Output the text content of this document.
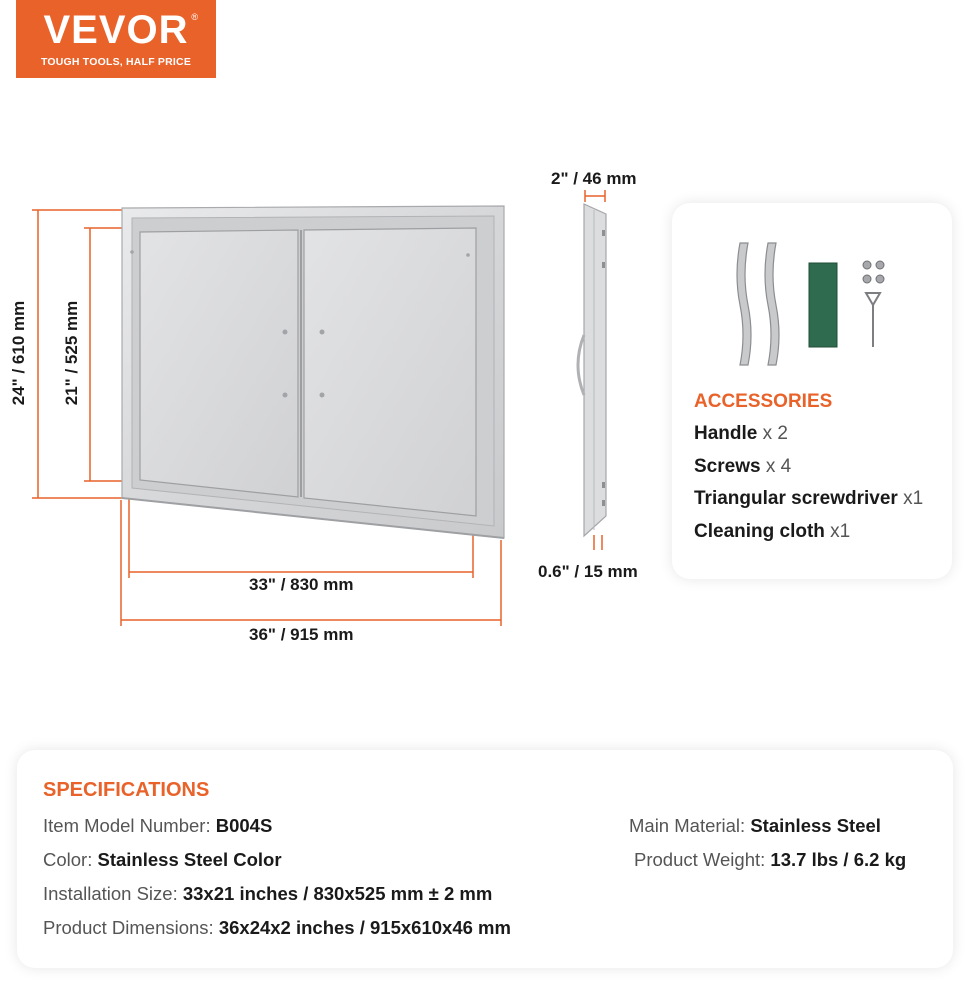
VEVOR ®
TOUGH TOOLS, HALF PRICE
24" / 610 mm 21" / 525 mm
33" / 830 mm
36" / 915 mm
2" / 46 mm
0.6" / 15 mm
ACCESSORIES
Handle x 2
Screws x 4
Triangular screwdriver x1
Cleaning cloth x1
SPECIFICATIONS
Item Model Number: B004S
Color: Stainless Steel Color
Installation Size: 33x21 inches / 830x525 mm ± 2 mm
Product Dimensions: 36x24x2 inches / 915x610x46 mm
Main Material: Stainless Steel
Product Weight: 13.7 lbs / 6.2 kg
